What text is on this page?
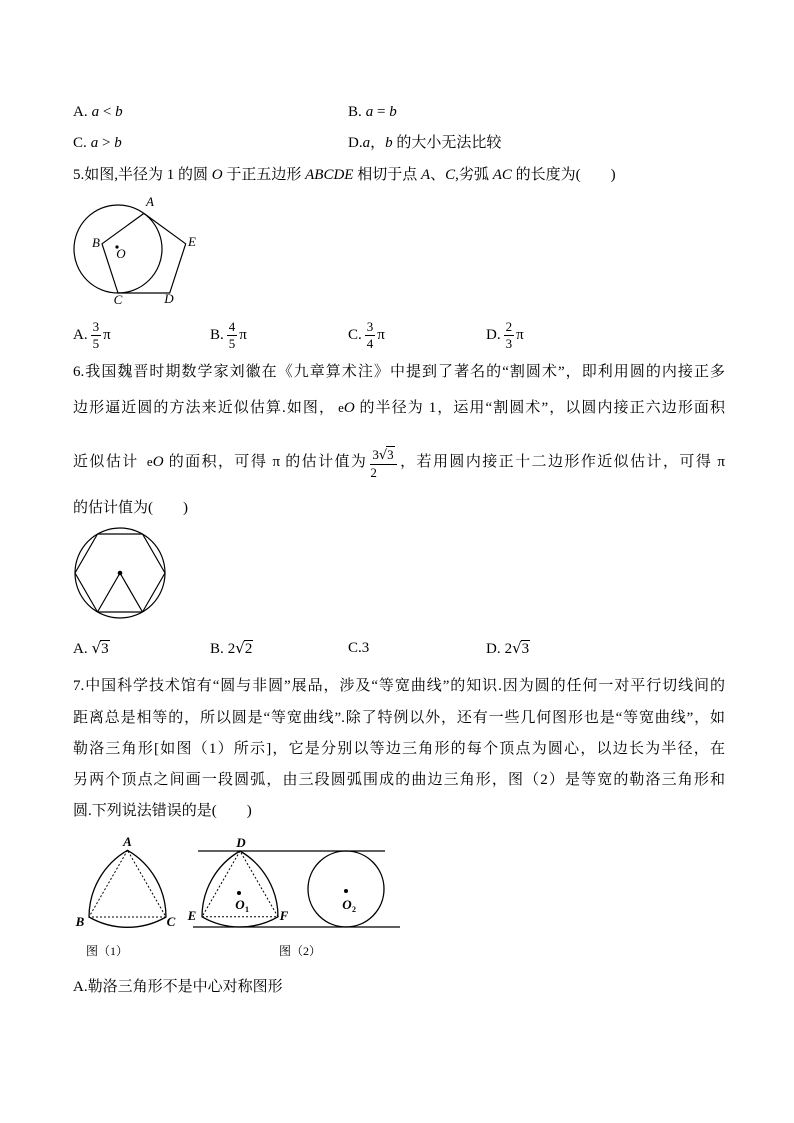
A. a < b	B. a = b
C. a > b	D.a，b 的大小无法比较
5.如图,半径为 1 的圆 O 于正五边形 ABCDE 相切于点 A、C,劣弧 AC 的长度为(　　)
A
B
C	D
E
O
A. $\frac{3}{5}$ π	B. $\frac{4}{5}$ π	C. $\frac{3}{4}$ π	D. $\frac{2}{3}$ π
6.我国魏晋时期数学家刘徽在《九章算术注》中提到了著名的“割圆术”，即利用圆的内接正多
边形逼近圆的方法来近似估算.如图， eO 的半径为 1，运用“割圆术”，以圆内接正六边形面积
近似估计 eO 的面积，可得 π 的估计值为 $\frac{3√3}{2}$ ，若用圆内接正十二边形作近似估计，可得 π
的估计值为(　　)
A. √3	B. 2√2	C.3	D. 2√3
7.中国科学技术馆有“圆与非圆”展品，涉及“等宽曲线”的知识.因为圆的任何一对平行切线间的
距离总是相等的，所以圆是“等宽曲线”.除了特例以外，还有一些几何图形也是“等宽曲线”，如
勒洛三角形[如图（1）所示]，它是分别以等边三角形的每个顶点为圆心，以边长为半径，在
另两个顶点之间画一段圆弧，由三段圆弧围成的曲边三角形，图（2）是等宽的勒洛三角形和
圆.下列说法错误的是(　　)
A
B	C
图（1）
D
E	F
O 1	O 2
图（2）
A.勒洛三角形不是中心对称图形
